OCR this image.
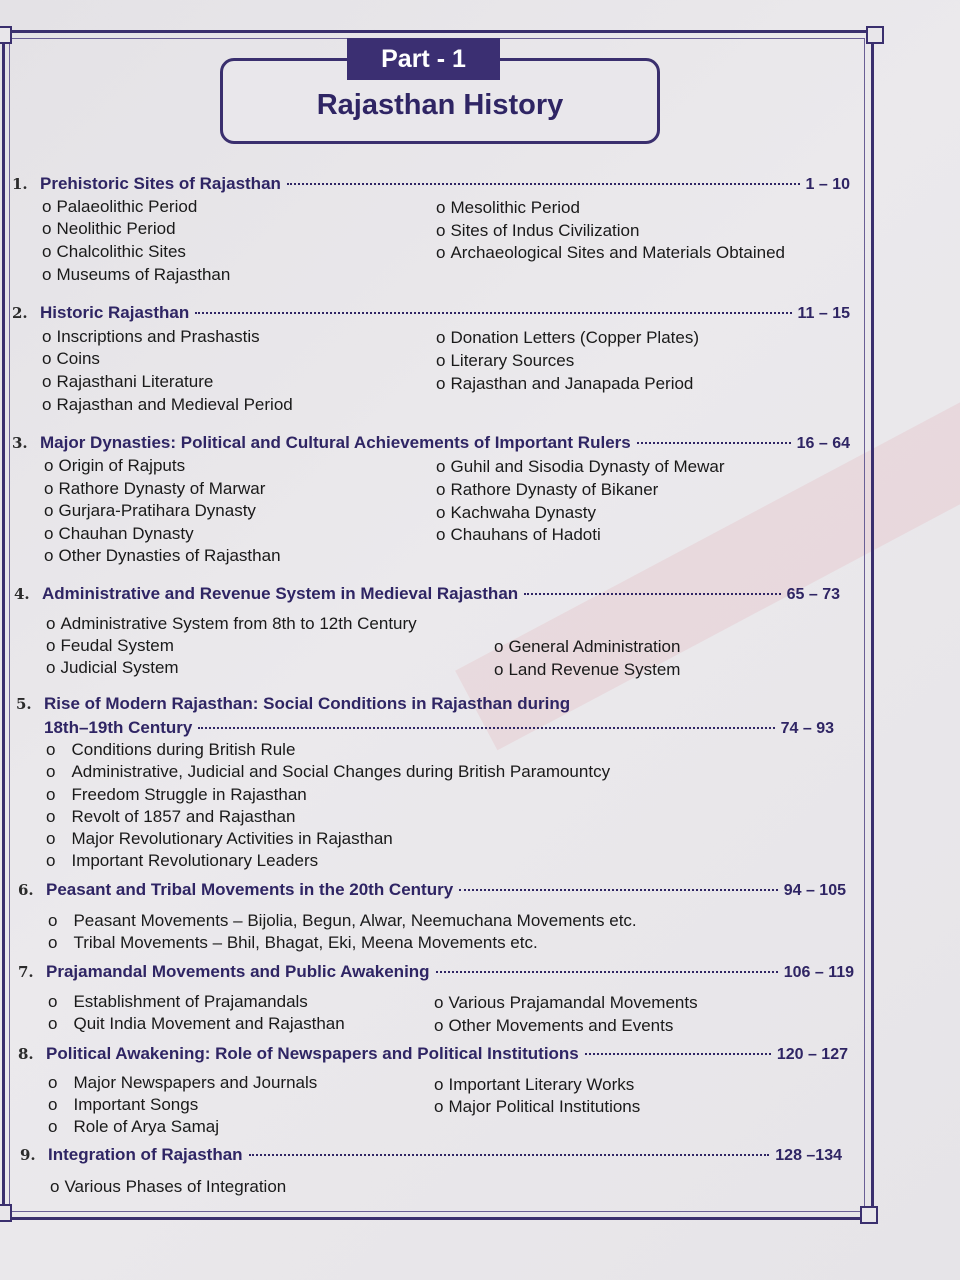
Rajasthan History
Part - 1
1. Prehistoric Sites of Rajasthan	1 – 10
o Palaeolithic Period	o Mesolithic Period
o Neolithic Period	o Sites of Indus Civilization
o Chalcolithic Sites	o Archaeological Sites and Materials Obtained
o Museums of Rajasthan
2. Historic Rajasthan	11 – 15
o Inscriptions and Prashastis	o Donation Letters (Copper Plates)
o Coins	o Literary Sources
o Rajasthani Literature	o Rajasthan and Janapada Period
o Rajasthan and Medieval Period
3. Major Dynasties: Political and Cultural Achievements of Important Rulers	16 – 64
o Origin of Rajputs	o Guhil and Sisodia Dynasty of Mewar
o Rathore Dynasty of Marwar	o Rathore Dynasty of Bikaner
o Gurjara-Pratihara Dynasty	o Kachwaha Dynasty
o Chauhan Dynasty	o Chauhans of Hadoti
o Other Dynasties of Rajasthan
4. Administrative and Revenue System in Medieval Rajasthan	65 – 73
o Administrative System from 8th to 12th Century
o Feudal System	o General Administration
o Judicial System	o Land Revenue System
5. Rise of Modern Rajasthan: Social Conditions in Rajasthan during
18th–19th Century	74 – 93
o Conditions during British Rule
o Administrative, Judicial and Social Changes during British Paramountcy
o Freedom Struggle in Rajasthan
o Revolt of 1857 and Rajasthan
o Major Revolutionary Activities in Rajasthan
o Important Revolutionary Leaders
6. Peasant and Tribal Movements in the 20th Century	94 – 105
o Peasant Movements – Bijolia, Begun, Alwar, Neemuchana Movements etc.
o Tribal Movements – Bhil, Bhagat, Eki, Meena Movements etc.
7. Prajamandal Movements and Public Awakening	106 – 119
o Establishment of Prajamandals	o Various Prajamandal Movements
o Quit India Movement and Rajasthan	o Other Movements and Events
8. Political Awakening: Role of Newspapers and Political Institutions	120 – 127
o Major Newspapers and Journals	o Important Literary Works
o Important Songs	o Major Political Institutions
o Role of Arya Samaj
9. Integration of Rajasthan	128 –134
o Various Phases of Integration
